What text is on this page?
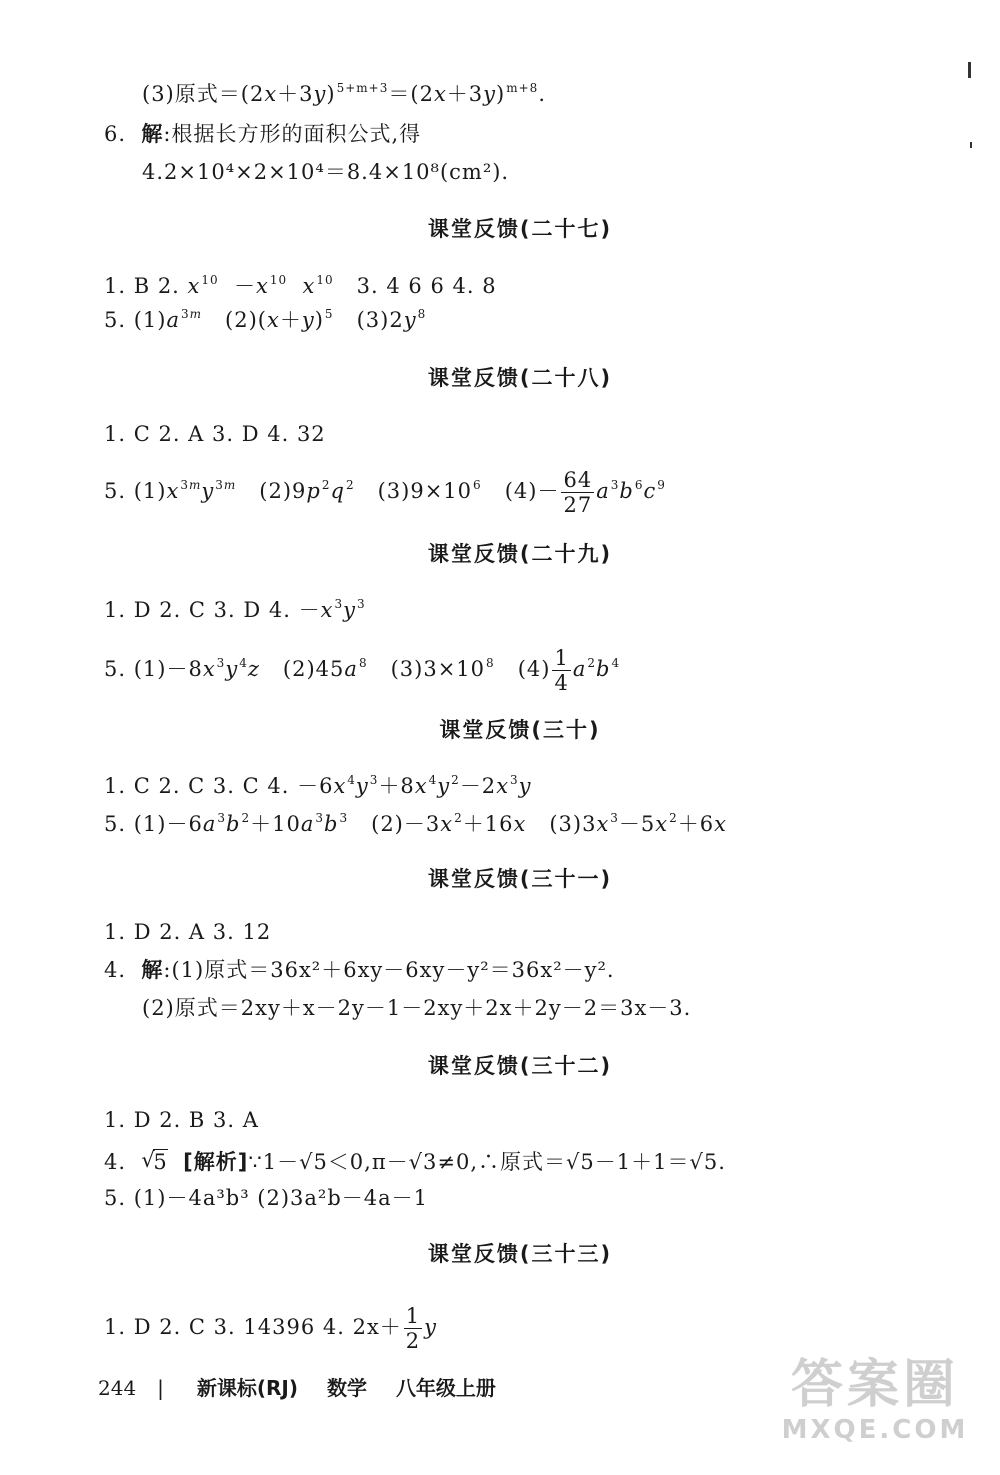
(3)原式$=(2x+3y)^{5+m+3}=(2x+3y)^{m+8}$.
6. 解:根据长方形的面积公式,得
4.2×10⁴×2×10⁴＝8.4×10⁸(cm²).
课堂反馈(二十七)
1. B 2. $x^{10} -x^{10}$ $x^{10}$ 3. 4 6 6 4. 8
5. $(1)a^{3m}$   $(2)(x+y)^5$   $(3)2y^8$
课堂反馈(二十八)
1. C 2. A 3. D 4. 32
5. $(1)x^{3m}y^{3m}$   $(2)9p^2q^2$   $(3)9\times 10^6$   $(4)- \frac{64}{27} a^3b^6c^9$
课堂反馈(二十九)
1. D 2. C 3. D 4. $-x^3y^3$
5. $(1)-8x^3y^4z$   $(2)45a^8$   $(3)3\times 10^8$   $(4) \frac{1}{4} a^2b^4$
课堂反馈(三十)
1. C 2. C 3. C 4. $-6x^4y^3+8x^4y^2-2x^3y$
5. $(1)-6a^3b^2+10a^3b^3$   $(2)-3x^2+16x$   $(3)3x^3-5x^2+6x$
课堂反馈(三十一)
1. D 2. A 3. 12
4. 解:(1)原式＝36x²＋6xy－6xy－y²＝36x²－y².
(2)原式＝2xy＋x－2y－1－2xy＋2x＋2y－2＝3x－3.
课堂反馈(三十二)
1. D 2. B 3. A
4.  √ 5 [解析]∵1－√5＜0,π－√3≠0,∴原式＝√5－1＋1＝√5.
5. (1)－4a³b³ (2)3a²b－4a－1
课堂反馈(三十三)
1. D 2. C 3. 14396 4. $2x+ \frac{1}{2}$ y
244 | 新课标(RJ) 数学 八年级上册	答案圈
MXQE.COM
